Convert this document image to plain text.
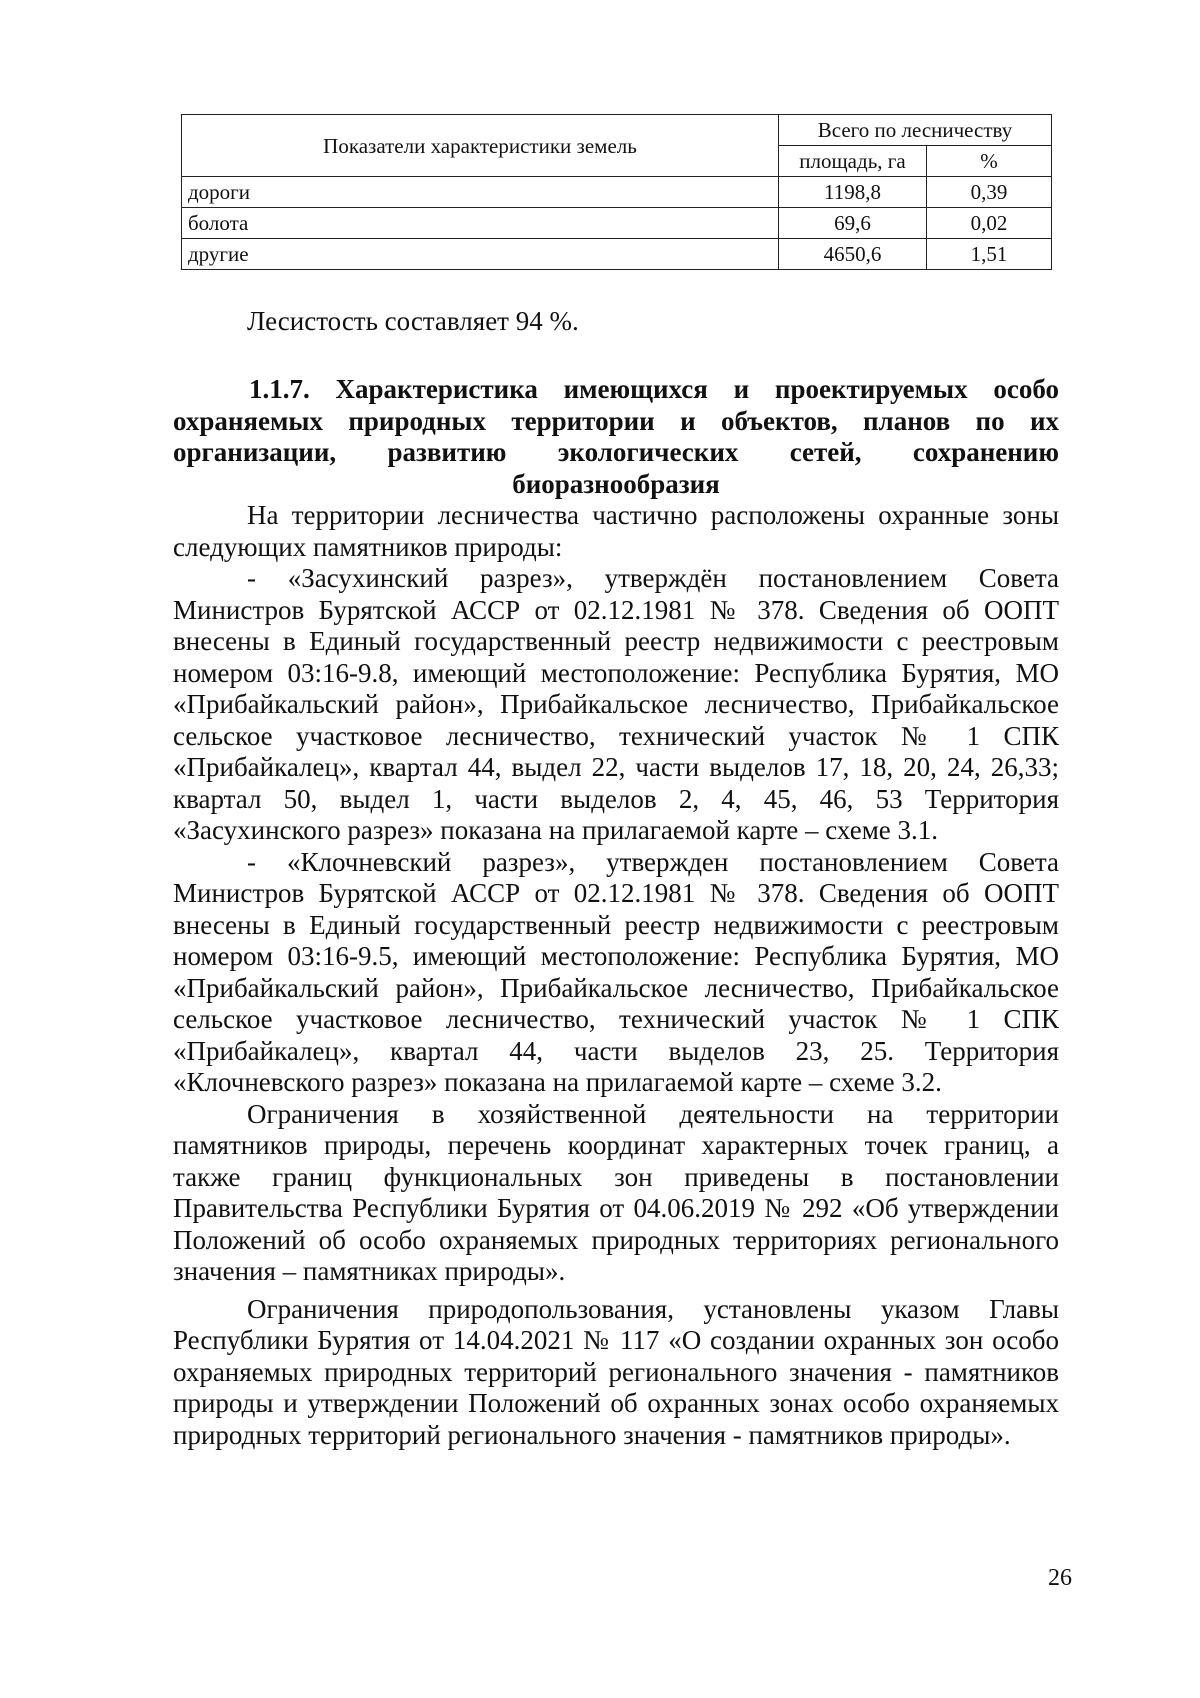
Показатели характеристики земель	Всего по лесничеству	
	площадь, га	%
дороги	1198,8	0,39
болота	69,6	0,02
другие	4650,6	1,51

Лесистость составляет 94 %.

1.1.7. Характеристика имеющихся и проектируемых особо охраняемых природных территории и объектов, планов по их организации, развитию экологических сетей, сохранению биоразнообразия

На территории лесничества частично расположены охранные зоны следующих памятников природы:

- «Засухинский разрез», утверждён постановлением Совета Министров Бурятской АССР от 02.12.1981 № 378. Сведения об ООПТ внесены в Единый государственный реестр недвижимости с реестровым номером 03:16-9.8, имеющий местоположение: Республика Бурятия, МО «Прибайкальский район», Прибайкальское лесничество, Прибайкальское сельское участковое лесничество, технический участок № 1 СПК «Прибайкалец», квартал 44, выдел 22, части выделов 17, 18, 20, 24, 26,33; квартал 50, выдел 1, части выделов 2, 4, 45, 46, 53 Территория «Засухинского разрез» показана на прилагаемой карте – схеме 3.1.

- «Клочневский разрез», утвержден постановлением Совета Министров Бурятской АССР от 02.12.1981 № 378. Сведения об ООПТ внесены в Единый государственный реестр недвижимости с реестровым номером 03:16-9.5, имеющий местоположение: Республика Бурятия, МО «Прибайкальский район», Прибайкальское лесничество, Прибайкальское сельское участковое лесничество, технический участок № 1 СПК «Прибайкалец», квартал 44, части выделов 23, 25. Территория «Клочневского разрез» показана на прилагаемой карте – схеме 3.2.

Ограничения в хозяйственной деятельности на территории памятников природы, перечень координат характерных точек границ, а также границ функциональных зон приведены в постановлении Правительства Республики Бурятия от 04.06.2019 № 292 «Об утверждении Положений об особо охраняемых природных территориях регионального значения – памятниках природы».

Ограничения природопользования, установлены указом Главы Республики Бурятия от 14.04.2021 № 117 «О создании охранных зон особо охраняемых природных территорий регионального значения - памятников природы и утверждении Положений об охранных зонах особо охраняемых природных территорий регионального значения - памятников природы».

26
